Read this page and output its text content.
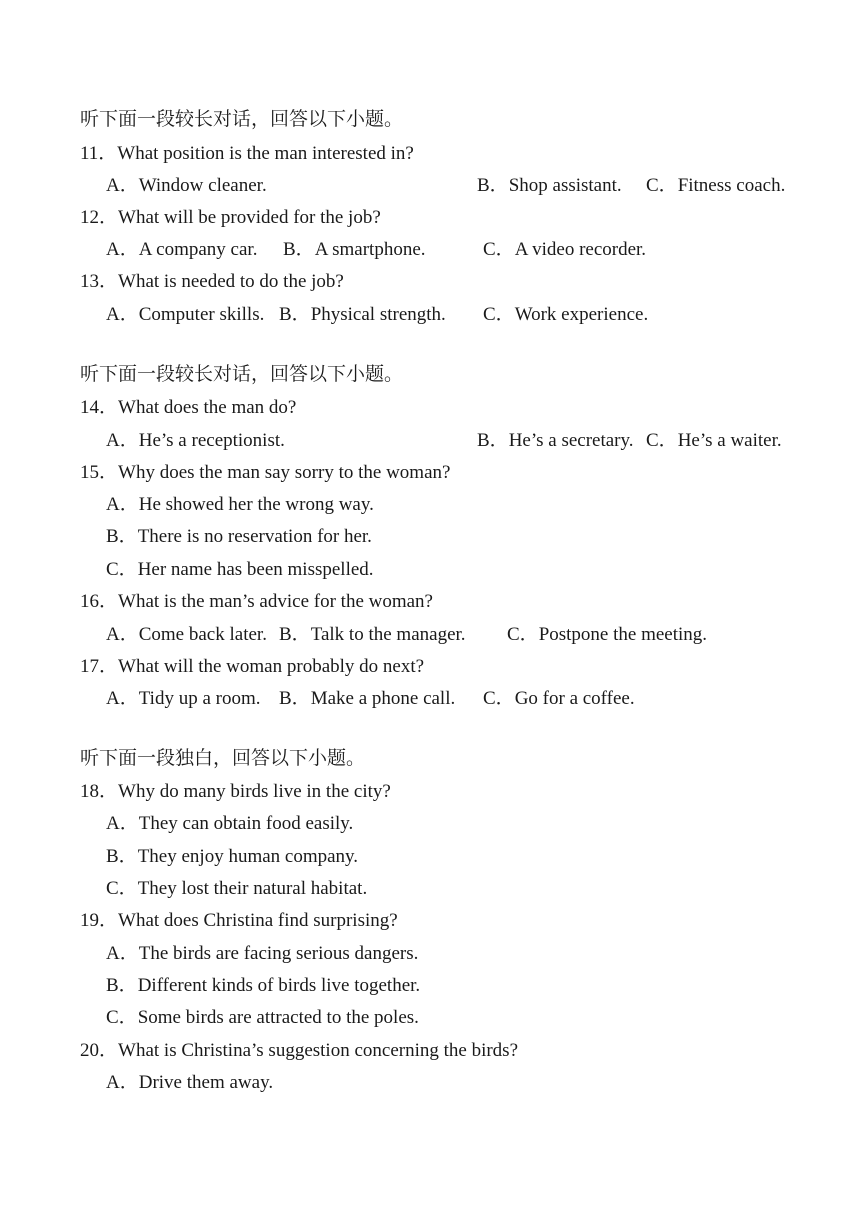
听下面一段较长对话，回答以下小题。
11．What position is the man interested in?
A．Window cleaner.	B．Shop assistant. C．Fitness coach.
12．What will be provided for the job?
A．A company car. B．A smartphone.	C．A video recorder.
13．What is needed to do the job?
A．Computer skills. B．Physical strength. C．Work experience.
听下面一段较长对话，回答以下小题。
14．What does the man do?
A．He’s a receptionist.	B．He’s a secretary. C．He’s a waiter.
15．Why does the man say sorry to the woman?
A．He showed her the wrong way.
B．There is no reservation for her.
C．Her name has been misspelled.
16．What is the man’s advice for the woman?
A．Come back later. B．Talk to the manager. C．Postpone the meeting.
17．What will the woman probably do next?
A．Tidy up a room. B．Make a phone call. C．Go for a coffee.
听下面一段独白，回答以下小题。
18．Why do many birds live in the city?
A．They can obtain food easily.
B．They enjoy human company.
C．They lost their natural habitat.
19．What does Christina find surprising?
A．The birds are facing serious dangers.
B．Different kinds of birds live together.
C．Some birds are attracted to the poles.
20．What is Christina’s suggestion concerning the birds?
A．Drive them away.
